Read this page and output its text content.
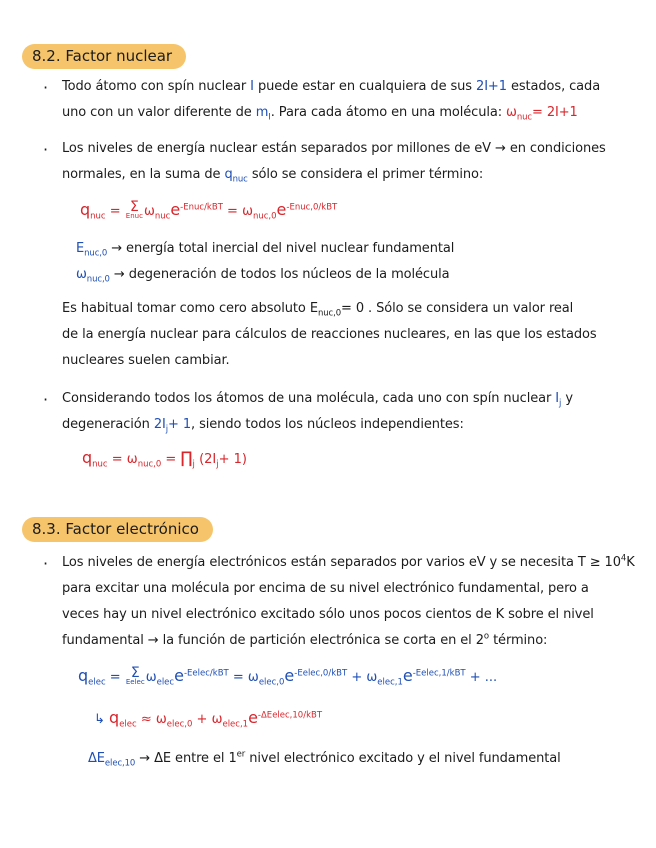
8.2. Factor nuclear
· Todo átomo con spín nuclear I puede estar en cualquiera de sus 2I+1 estados, cada
uno con un valor diferente de $m_I$. Para cada átomo en una molécula: $\omega_{nuc}= 2I+1$
· Los niveles de energía nuclear están separados por millones de eV → en condiciones
normales, en la suma de $q_{nuc}$ sólo se considera el primer término:
$q_{nuc} = \Sigma$
Enuc $\omega_{nuc}e^{-Enuc/kBT} = \omega_{nuc,0}e^{-Enuc,0/kBT}$
$E_{nuc,0}$ → energía total inercial del nivel nuclear fundamental
$\omega_{nuc,0}$ → degeneración de todos los núcleos de la molécula
Es habitual tomar como cero absoluto $E_{nuc,0}= 0$ . Sólo se considera un valor real
de la energía nuclear para cálculos de reacciones nucleares, en las que los estados
nucleares suelen cambiar.
· Considerando todos los átomos de una molécula, cada uno con spín nuclear $I_j$ y
degeneración $2I_j+ 1$, siendo todos los núcleos independientes:
$q_{nuc} = \omega_{nuc,0}$ = $\prod_j$ $(2I_j+ 1)$
8.3. Factor electrónico
· Los niveles de energía electrónicos están separados por varios eV y se necesita $T \ge 10^4K$
para excitar una molécula por encima de su nivel electrónico fundamental, pero a
veces hay un nivel electrónico excitado sólo unos pocos cientos de K sobre el nivel
fundamental → la función de partición electrónica se corta en el 2$^o$ término:
$q_{elec} = \Sigma$
Eelec $\omega_{elec}e^{-Eelec/kBT} = \omega_{elec,0}e^{-Eelec,0/kBT} + \omega_{elec,1}e^{-Eelec,1/kBT}$ + ...
↳ $q_{elec} \approx \omega_{elec,0} + \omega_{elec,1}e^{-\Delta Eelec,10/kBT}$
$\Delta E_{elec,10} \to \Delta E$ entre el 1er nivel electrónico excitado y el nivel fundamental
